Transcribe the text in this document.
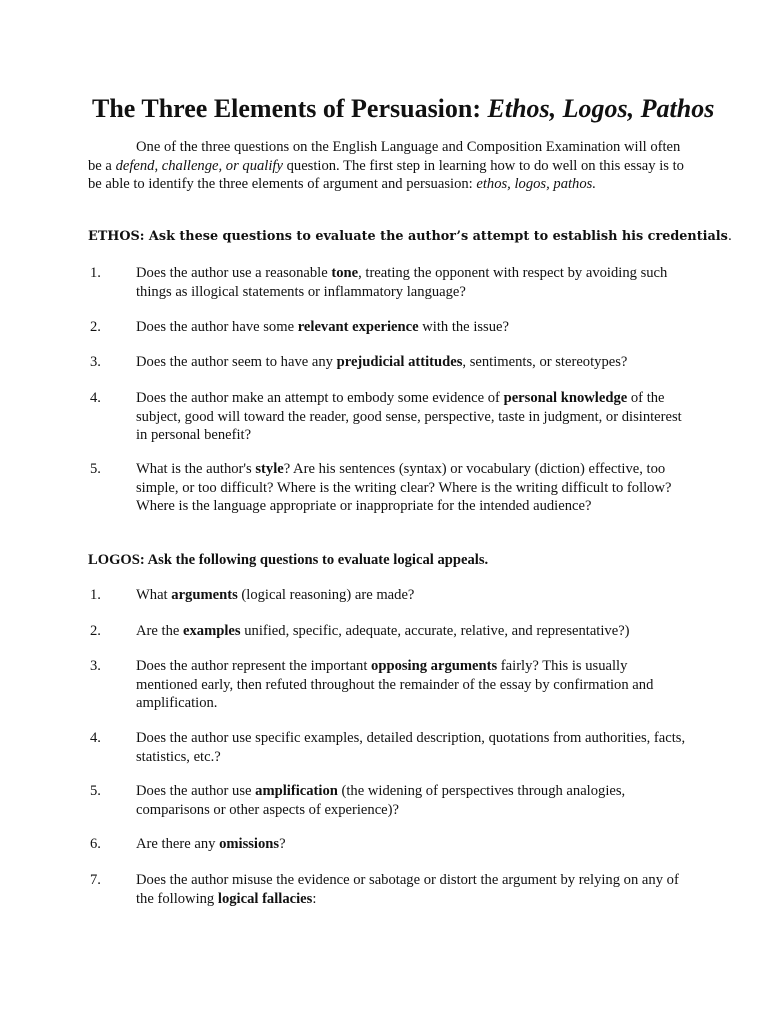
The Three Elements of Persuasion: Ethos, Logos, Pathos

One of the three questions on the English Language and Composition Examination will often be a defend, challenge, or qualify question. The first step in learning how to do well on this essay is to be able to identify the three elements of argument and persuasion: ethos, logos, pathos.

ETHOS: Ask these questions to evaluate the author’s attempt to establish his credentials.

1. Does the author use a reasonable tone, treating the opponent with respect by avoiding such things as illogical statements or inflammatory language?
2. Does the author have some relevant experience with the issue?
3. Does the author seem to have any prejudicial attitudes, sentiments, or stereotypes?
4. Does the author make an attempt to embody some evidence of personal knowledge of the subject, good will toward the reader, good sense, perspective, taste in judgment, or disinterest in personal benefit?
5. What is the author's style? Are his sentences (syntax) or vocabulary (diction) effective, too simple, or too difficult? Where is the writing clear? Where is the writing difficult to follow? Where is the language appropriate or inappropriate for the intended audience?

LOGOS: Ask the following questions to evaluate logical appeals.

1. What arguments (logical reasoning) are made?
2. Are the examples unified, specific, adequate, accurate, relative, and representative?)
3. Does the author represent the important opposing arguments fairly? This is usually mentioned early, then refuted throughout the remainder of the essay by confirmation and amplification.
4. Does the author use specific examples, detailed description, quotations from authorities, facts, statistics, etc.?
5. Does the author use amplification (the widening of perspectives through analogies, comparisons or other aspects of experience)?
6. Are there any omissions?
7. Does the author misuse the evidence or sabotage or distort the argument by relying on any of the following logical fallacies:
